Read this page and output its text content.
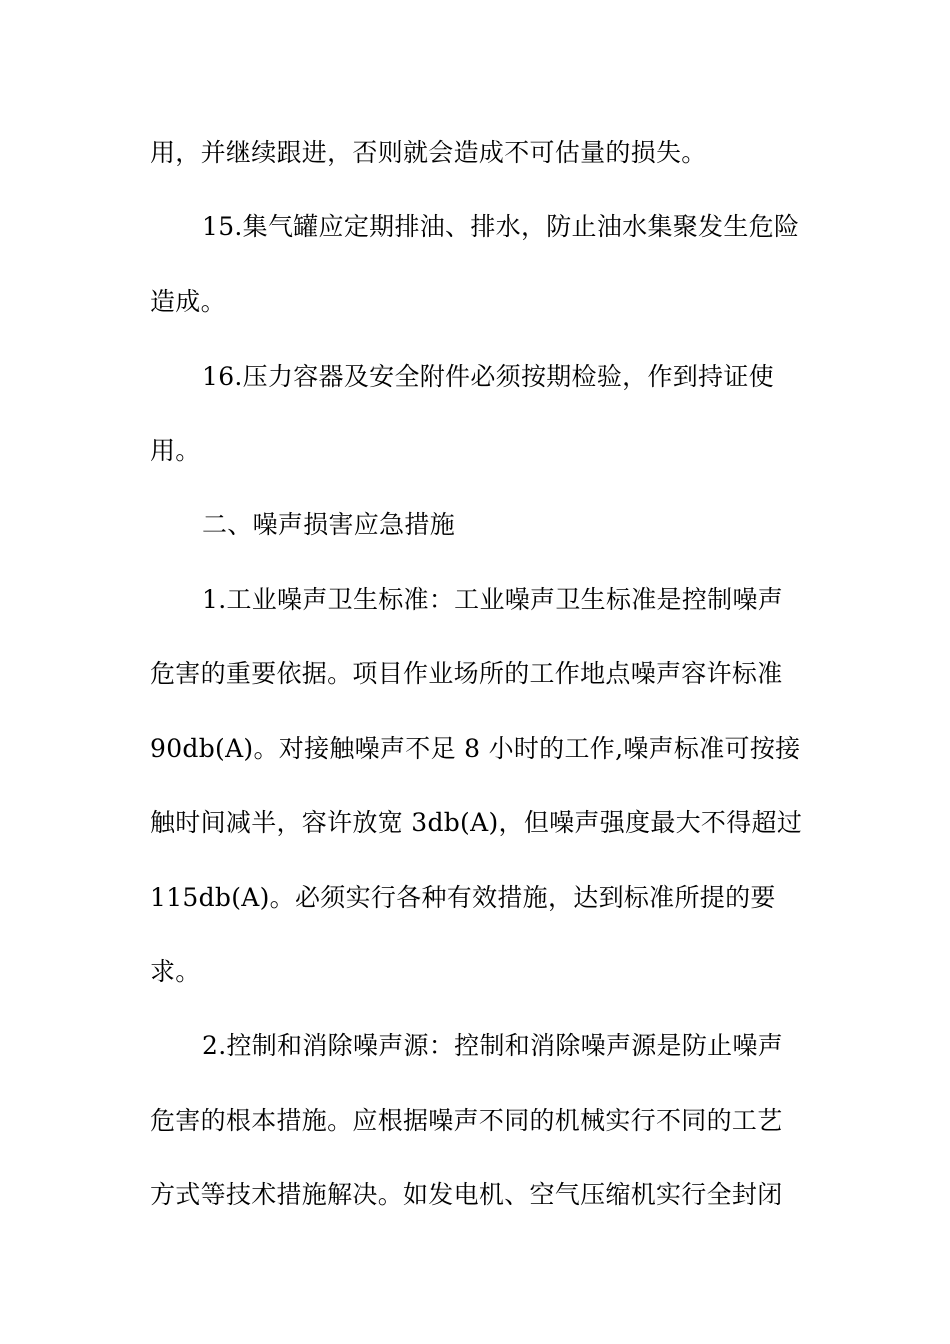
用，并继续跟进，否则就会造成不可估量的损失。
15.集气罐应定期排油、排水，防止油水集聚发生危险
造成。
16.压力容器及安全附件必须按期检验，作到持证使
用。
二、噪声损害应急措施
1.工业噪声卫生标准：工业噪声卫生标准是控制噪声
危害的重要依据。项目作业场所的工作地点噪声容许标准
90db(A)。对接触噪声不足 8 小时的工作,噪声标准可按接
触时间减半，容许放宽 3db(A)，但噪声强度最大不得超过
115db(A)。必须实行各种有效措施，达到标准所提的要
求。
2.控制和消除噪声源：控制和消除噪声源是防止噪声
危害的根本措施。应根据噪声不同的机械实行不同的工艺
方式等技术措施解决。如发电机、空气压缩机实行全封闭
